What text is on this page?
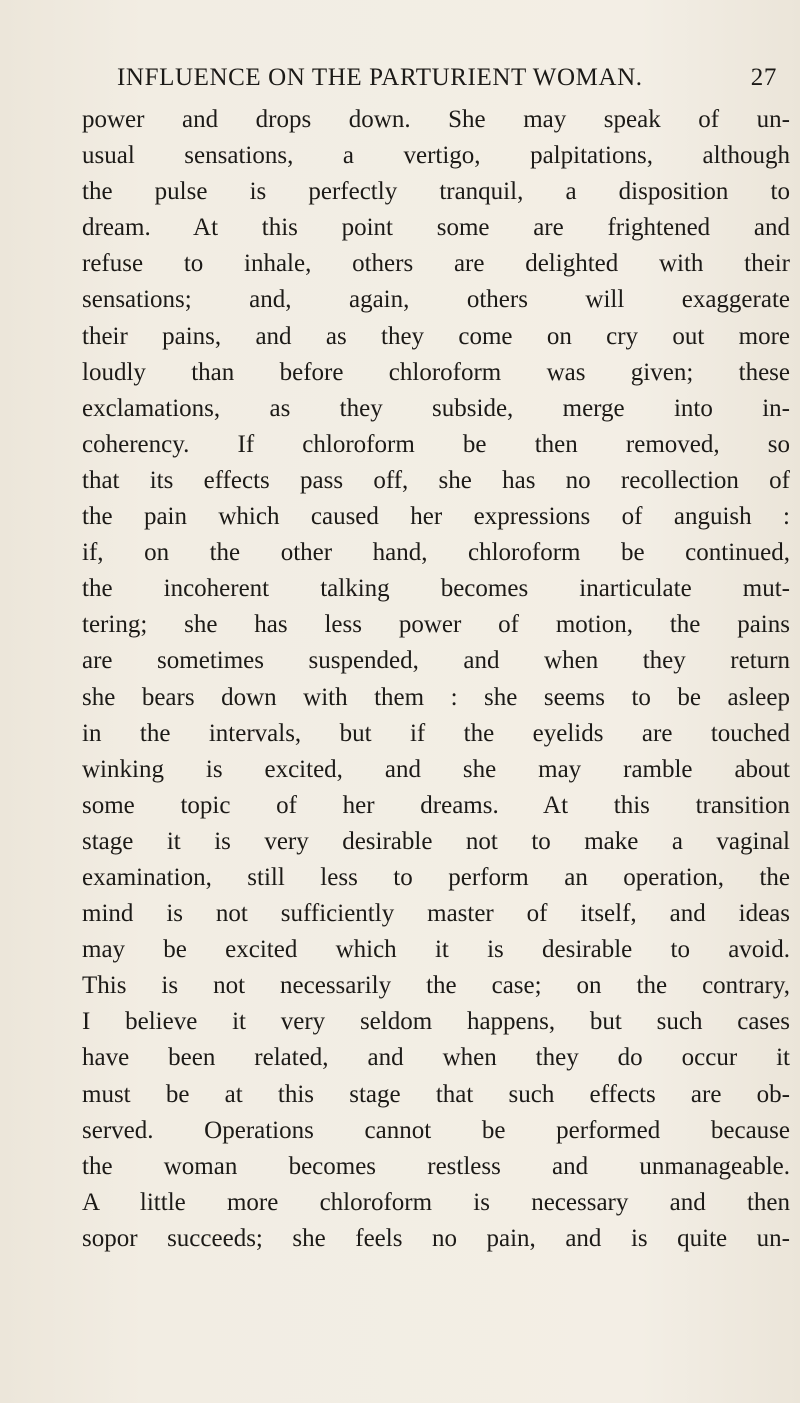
INFLUENCE ON THE PARTURIENT WOMAN.	27
power and drops down. She may speak of un-
usual sensations, a vertigo, palpitations, although
the pulse is perfectly tranquil, a disposition to
dream. At this point some are frightened and
refuse to inhale, others are delighted with their
sensations; and, again, others will exaggerate
their pains, and as they come on cry out more
loudly than before chloroform was given; these
exclamations, as they subside, merge into in-
coherency. If chloroform be then removed, so
that its effects pass off, she has no recollection of
the pain which caused her expressions of anguish :
if, on the other hand, chloroform be continued,
the incoherent talking becomes inarticulate mut-
tering; she has less power of motion, the pains
are sometimes suspended, and when they return
she bears down with them : she seems to be asleep
in the intervals, but if the eyelids are touched
winking is excited, and she may ramble about
some topic of her dreams. At this transition
stage it is very desirable not to make a vaginal
examination, still less to perform an operation, the
mind is not sufficiently master of itself, and ideas
may be excited which it is desirable to avoid.
This is not necessarily the case; on the contrary,
I believe it very seldom happens, but such cases
have been related, and when they do occur it
must be at this stage that such effects are ob-
served. Operations cannot be performed because
the woman becomes restless and unmanageable.
A little more chloroform is necessary and then
sopor succeeds; she feels no pain, and is quite un-
